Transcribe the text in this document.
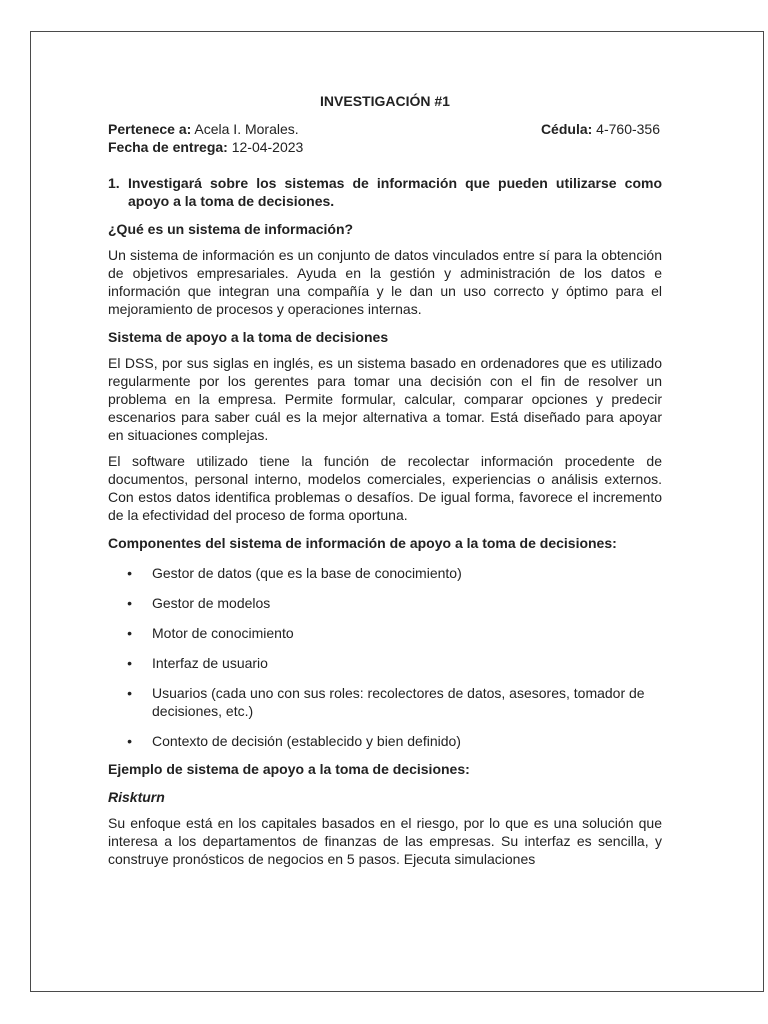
INVESTIGACIÓN #1
Pertenece a: Acela I. Morales.	Cédula: 4-760-356
Fecha de entrega: 12-04-2023
1. Investigará sobre los sistemas de información que pueden utilizarse como apoyo a la toma de decisiones.
¿Qué es un sistema de información?

Un sistema de información es un conjunto de datos vinculados entre sí para la obtención de objetivos empresariales. Ayuda en la gestión y administración de los datos e información que integran una compañía y le dan un uso correcto y óptimo para el mejoramiento de procesos y operaciones internas.

Sistema de apoyo a la toma de decisiones

El DSS, por sus siglas en inglés, es un sistema basado en ordenadores que es utilizado regularmente por los gerentes para tomar una decisión con el fin de resolver un problema en la empresa. Permite formular, calcular, comparar opciones y predecir escenarios para saber cuál es la mejor alternativa a tomar. Está diseñado para apoyar en situaciones complejas.

El software utilizado tiene la función de recolectar información procedente de documentos, personal interno, modelos comerciales, experiencias o análisis externos. Con estos datos identifica problemas o desafíos. De igual forma, favorece el incremento de la efectividad del proceso de forma oportuna.

Componentes del sistema de información de apoyo a la toma de decisiones:
•	Gestor de datos (que es la base de conocimiento)
•	Gestor de modelos
•	Motor de conocimiento
•	Interfaz de usuario
•	Usuarios (cada uno con sus roles: recolectores de datos, asesores, tomador de decisiones, etc.)
•	Contexto de decisión (establecido y bien definido)
Ejemplo de sistema de apoyo a la toma de decisiones:
Riskturn

Su enfoque está en los capitales basados en el riesgo, por lo que es una solución que interesa a los departamentos de finanzas de las empresas. Su interfaz es sencilla, y construye pronósticos de negocios en 5 pasos. Ejecuta simulaciones
